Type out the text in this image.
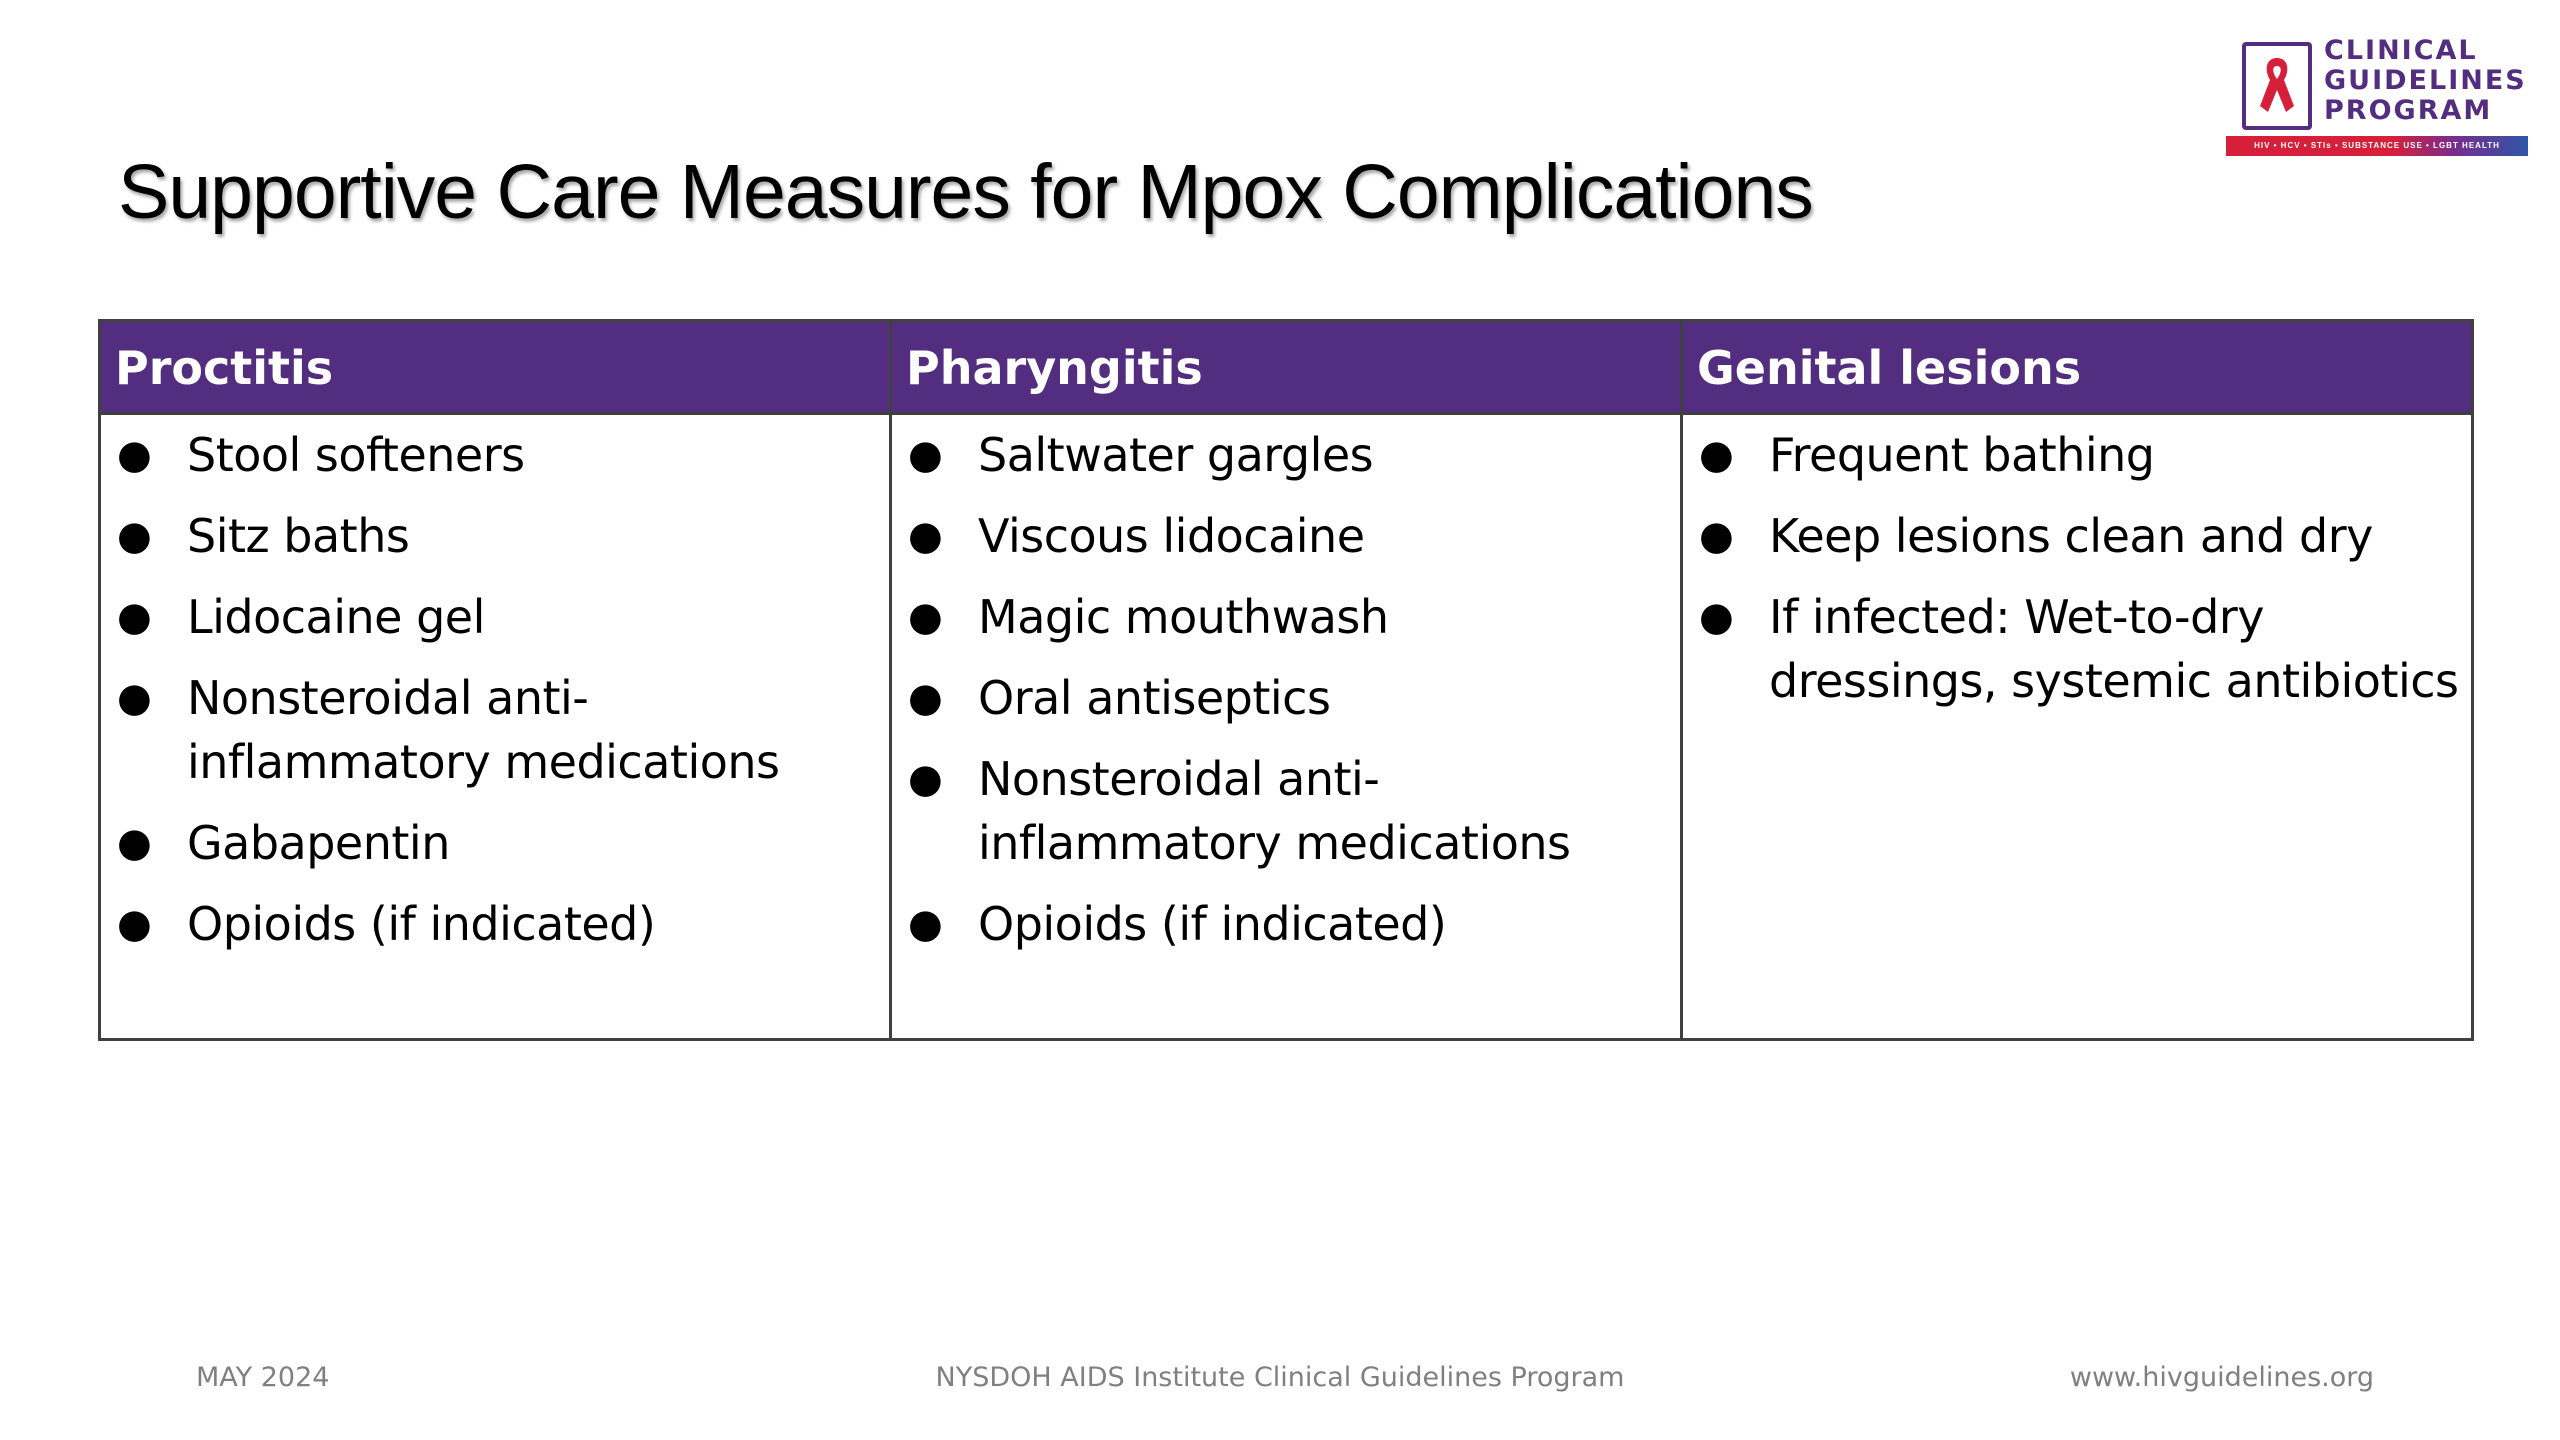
Supportive Care Measures for Mpox Complications
CLINICAL
GUIDELINES
PROGRAM
HIV • HCV • STIs • SUBSTANCE USE • LGBT HEALTH
Proctitis
● Stool softeners
● Sitz baths
● Lidocaine gel
● Nonsteroidal anti-inflammatory medications
● Gabapentin
● Opioids (if indicated)
Pharyngitis
● Saltwater gargles
● Viscous lidocaine
● Magic mouthwash
● Oral antiseptics
● Nonsteroidal anti-inflammatory medications
● Opioids (if indicated)
Genital lesions
● Frequent bathing
● Keep lesions clean and dry
● If infected: Wet-to-dry dressings, systemic antibiotics
NYSDOH AIDS Institute Clinical Guidelines Program
MAY 2024	www.hivguidelines.org
